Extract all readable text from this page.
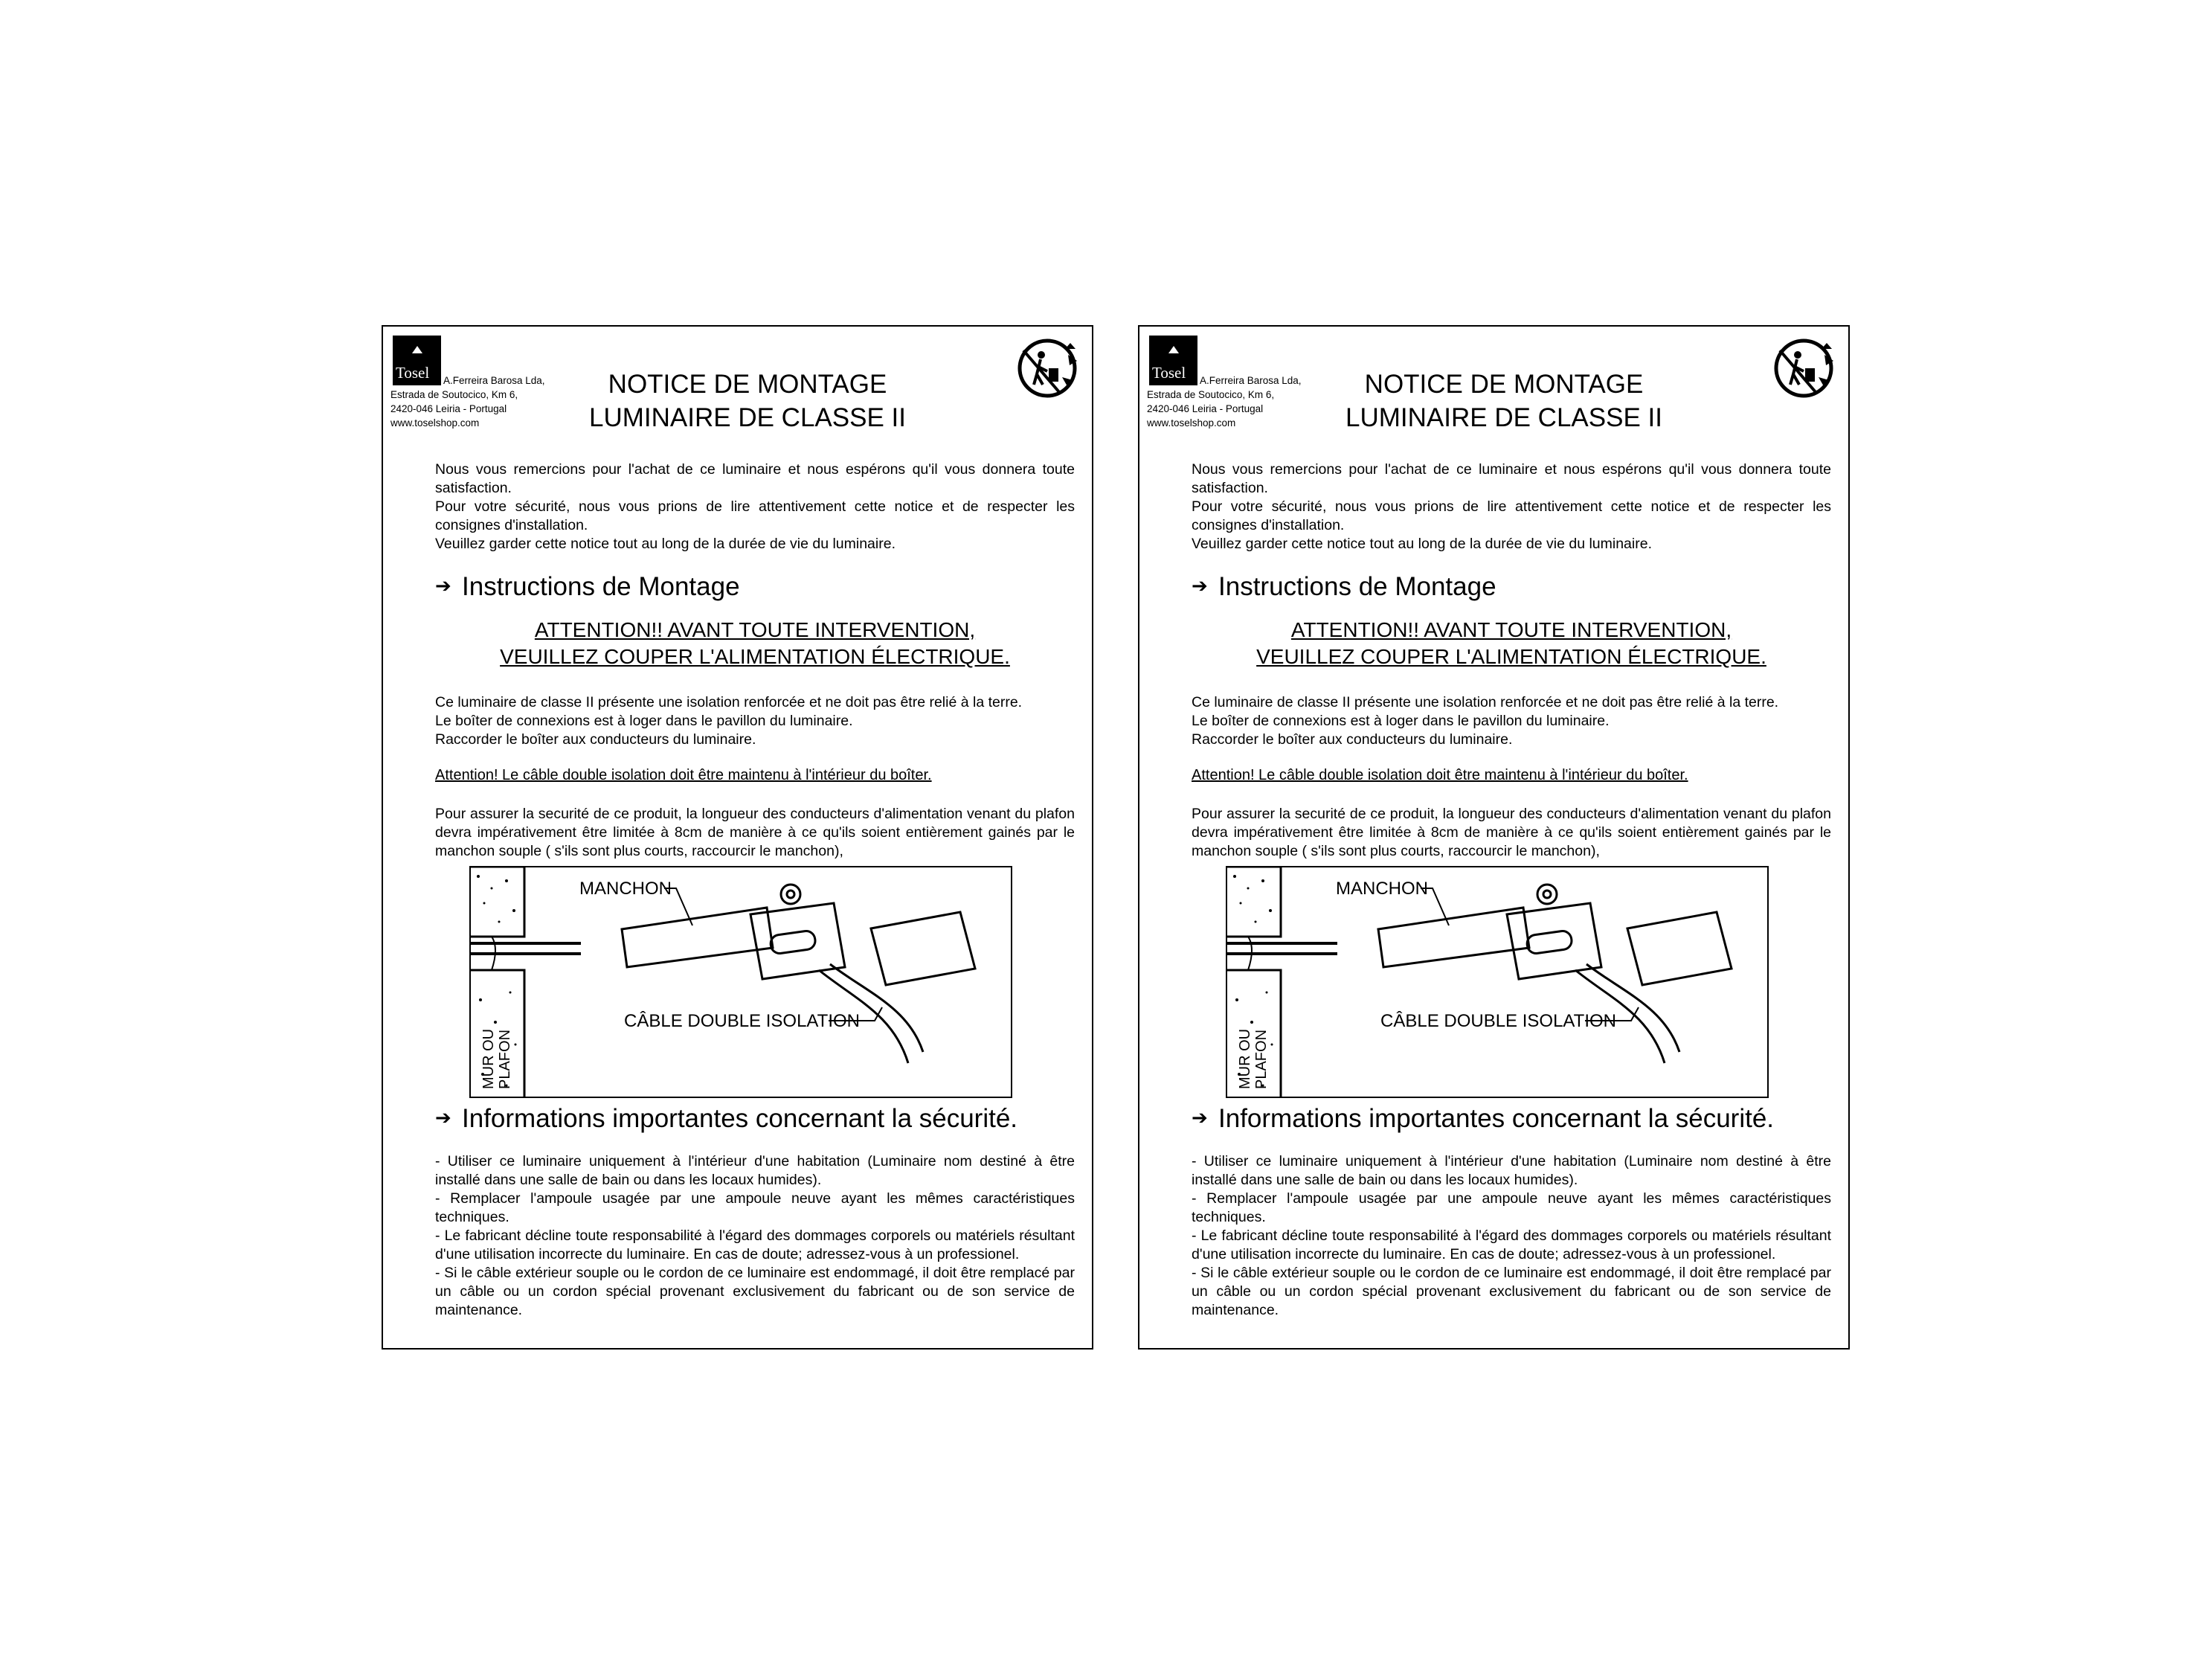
Tosel	A.Ferreira Barosa Lda,
Estrada de Soutocico, Km 6,
2420-046 Leiria - Portugal
www.toselshop.com
NOTICE DE MONTAGE
LUMINAIRE DE CLASSE II

Nous vous remercions pour l'achat de ce luminaire et nous espérons qu'il vous donnera toute satisfaction.

Pour votre sécurité, nous vous prions de lire attentivement cette notice et de respecter les consignes d'installation.

Veuillez garder cette notice tout au long de la durée de vie du luminaire.

➔ Instructions de Montage
ATTENTION!! AVANT TOUTE INTERVENTION,
VEUILLEZ COUPER L'ALIMENTATION ÉLECTRIQUE.

Ce luminaire de classe II présente une isolation renforcée et ne doit pas être relié à la terre.

Le boîter de connexions est à loger dans le pavillon du luminaire.

Raccorder le boîter aux conducteurs du luminaire.

Attention! Le câble double isolation doit être maintenu à l'intérieur du boîter.
Pour assurer la securité de ce produit, la longueur des conducteurs d'alimentation venant du plafon devra impérativement être limitée à 8cm de manière à ce qu'ils soient entièrement gainés par le manchon souple ( s'ils sont plus courts, raccourcir le manchon),
MANCHON
CÂBLE DOUBLE ISOLATION
MUR OU PLAFON
➔ Informations importantes concernant la sécurité.

- Utiliser ce luminaire uniquement à l'intérieur d'une habitation (Luminaire nom destiné à être installé dans une salle de bain ou dans les locaux humides).

- Remplacer l'ampoule usagée par une ampoule neuve ayant les mêmes caractéristiques techniques.

- Le fabricant décline toute responsabilité à l'égard des dommages corporels ou matériels résultant d'une utilisation incorrecte du luminaire. En cas de doute; adressez-vous à un professionel.

- Si le câble extérieur souple ou le cordon de ce luminaire est endommagé, il doit être remplacé par un câble ou un cordon spécial provenant exclusivement du fabricant ou de son service de maintenance.

Tosel	A.Ferreira Barosa Lda,
Estrada de Soutocico, Km 6,
2420-046 Leiria - Portugal
www.toselshop.com
NOTICE DE MONTAGE
LUMINAIRE DE CLASSE II

Nous vous remercions pour l'achat de ce luminaire et nous espérons qu'il vous donnera toute satisfaction.

Pour votre sécurité, nous vous prions de lire attentivement cette notice et de respecter les consignes d'installation.

Veuillez garder cette notice tout au long de la durée de vie du luminaire.

➔ Instructions de Montage
ATTENTION!! AVANT TOUTE INTERVENTION,
VEUILLEZ COUPER L'ALIMENTATION ÉLECTRIQUE.

Ce luminaire de classe II présente une isolation renforcée et ne doit pas être relié à la terre.

Le boîter de connexions est à loger dans le pavillon du luminaire.

Raccorder le boîter aux conducteurs du luminaire.

Attention! Le câble double isolation doit être maintenu à l'intérieur du boîter.
Pour assurer la securité de ce produit, la longueur des conducteurs d'alimentation venant du plafon devra impérativement être limitée à 8cm de manière à ce qu'ils soient entièrement gainés par le manchon souple ( s'ils sont plus courts, raccourcir le manchon),
MANCHON
CÂBLE DOUBLE ISOLATION
MUR OU PLAFON
➔ Informations importantes concernant la sécurité.

- Utiliser ce luminaire uniquement à l'intérieur d'une habitation (Luminaire nom destiné à être installé dans une salle de bain ou dans les locaux humides).

- Remplacer l'ampoule usagée par une ampoule neuve ayant les mêmes caractéristiques techniques.

- Le fabricant décline toute responsabilité à l'égard des dommages corporels ou matériels résultant d'une utilisation incorrecte du luminaire. En cas de doute; adressez-vous à un professionel.

- Si le câble extérieur souple ou le cordon de ce luminaire est endommagé, il doit être remplacé par un câble ou un cordon spécial provenant exclusivement du fabricant ou de son service de maintenance.
